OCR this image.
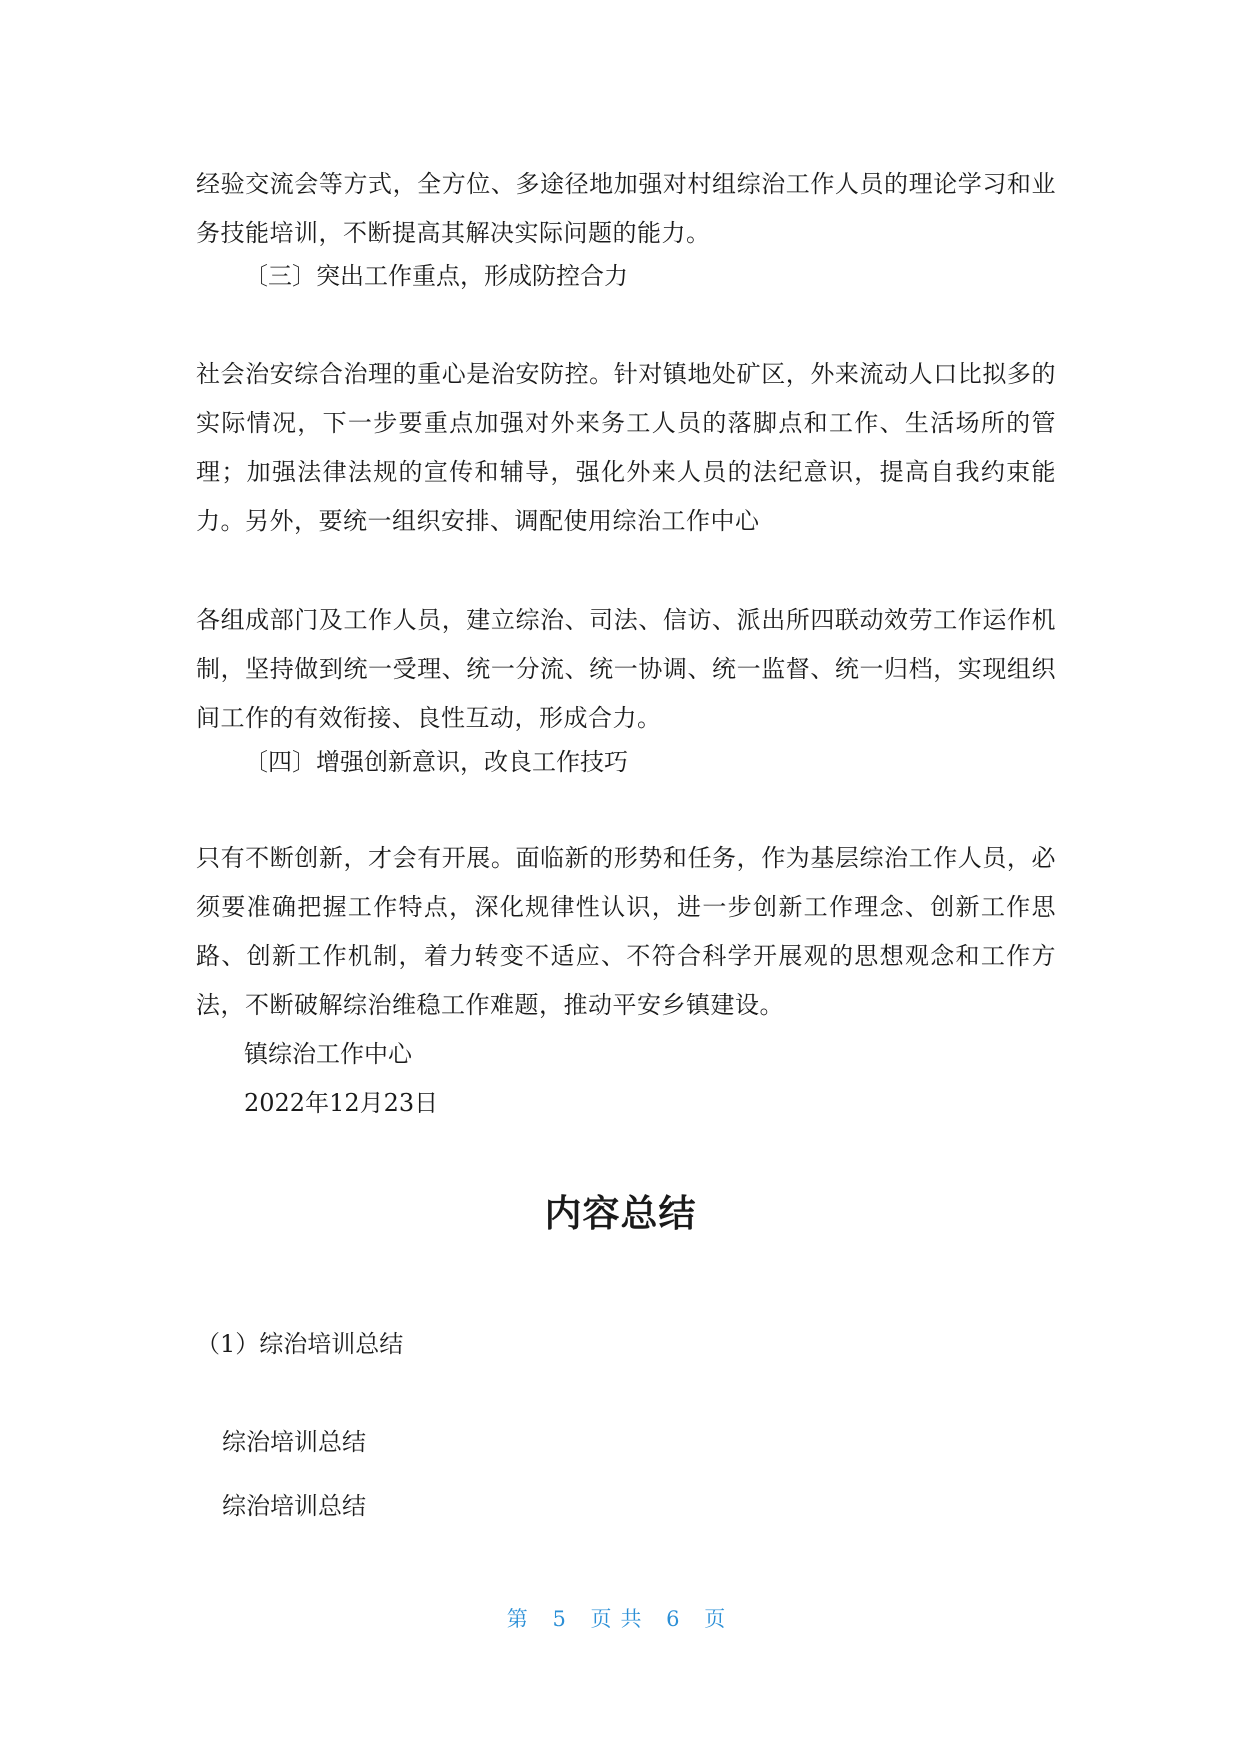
经验交流会等方式，全方位、多途径地加强对村组综治工作人员的理论学习和业务技能培训，不断提高其解决实际问题的能力。

〔三〕突出工作重点，形成防控合力

社会治安综合治理的重心是治安防控。针对镇地处矿区，外来流动人口比拟多的实际情况，下一步要重点加强对外来务工人员的落脚点和工作、生活场所的管理；加强法律法规的宣传和辅导，强化外来人员的法纪意识，提高自我约束能力。另外，要统一组织安排、调配使用综治工作中心

各组成部门及工作人员，建立综治、司法、信访、派出所四联动效劳工作运作机制，坚持做到统一受理、统一分流、统一协调、统一监督、统一归档，实现组织间工作的有效衔接、良性互动，形成合力。

〔四〕增强创新意识，改良工作技巧

只有不断创新，才会有开展。面临新的形势和任务，作为基层综治工作人员，必须要准确把握工作特点，深化规律性认识，进一步创新工作理念、创新工作思路、创新工作机制，着力转变不适应、不符合科学开展观的思想观念和工作方法，不断破解综治维稳工作难题，推动平安乡镇建设。

镇综治工作中心

2022年12月23日

内容总结

（1）综治培训总结

综治培训总结

综治培训总结

第 5 页共 6 页
